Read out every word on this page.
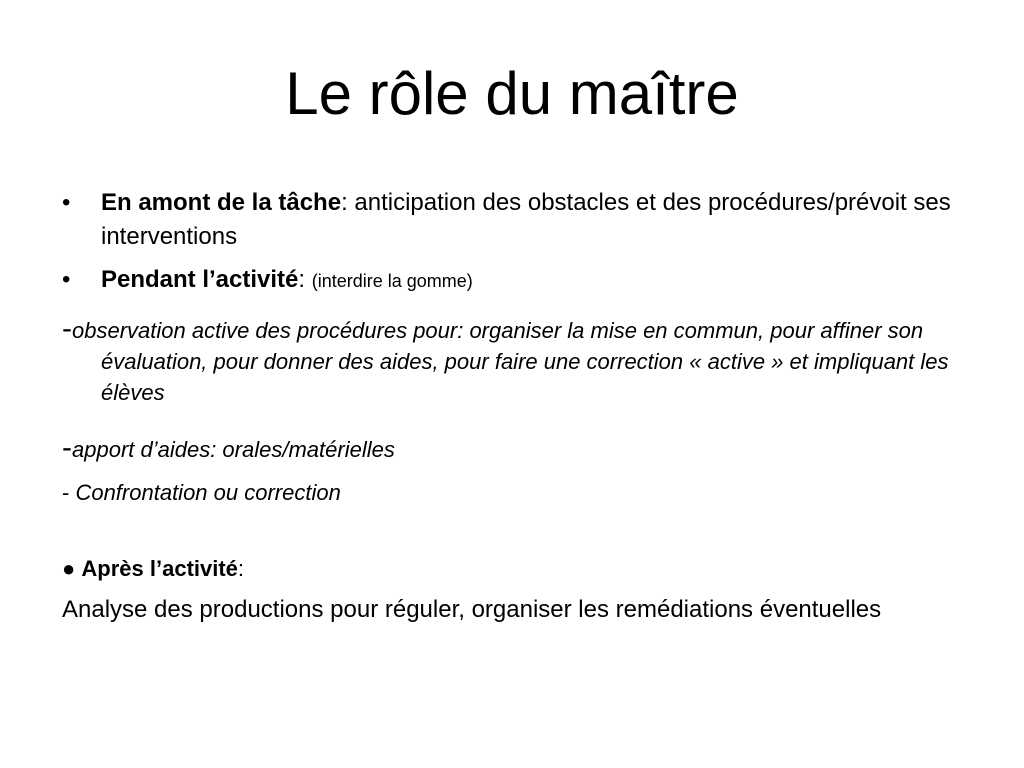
Le rôle du maître
• En amont de la tâche: anticipation des obstacles et des procédures/prévoit ses interventions
• Pendant l’activité: (interdire la gomme)
-observation active des procédures pour: organiser la mise en commun, pour affiner son évaluation, pour donner des aides, pour faire une correction « active » et impliquant les élèves
-apport d’aides: orales/matérielles
- Confrontation ou correction
● Après l’activité:
Analyse des productions pour réguler, organiser les remédiations éventuelles
